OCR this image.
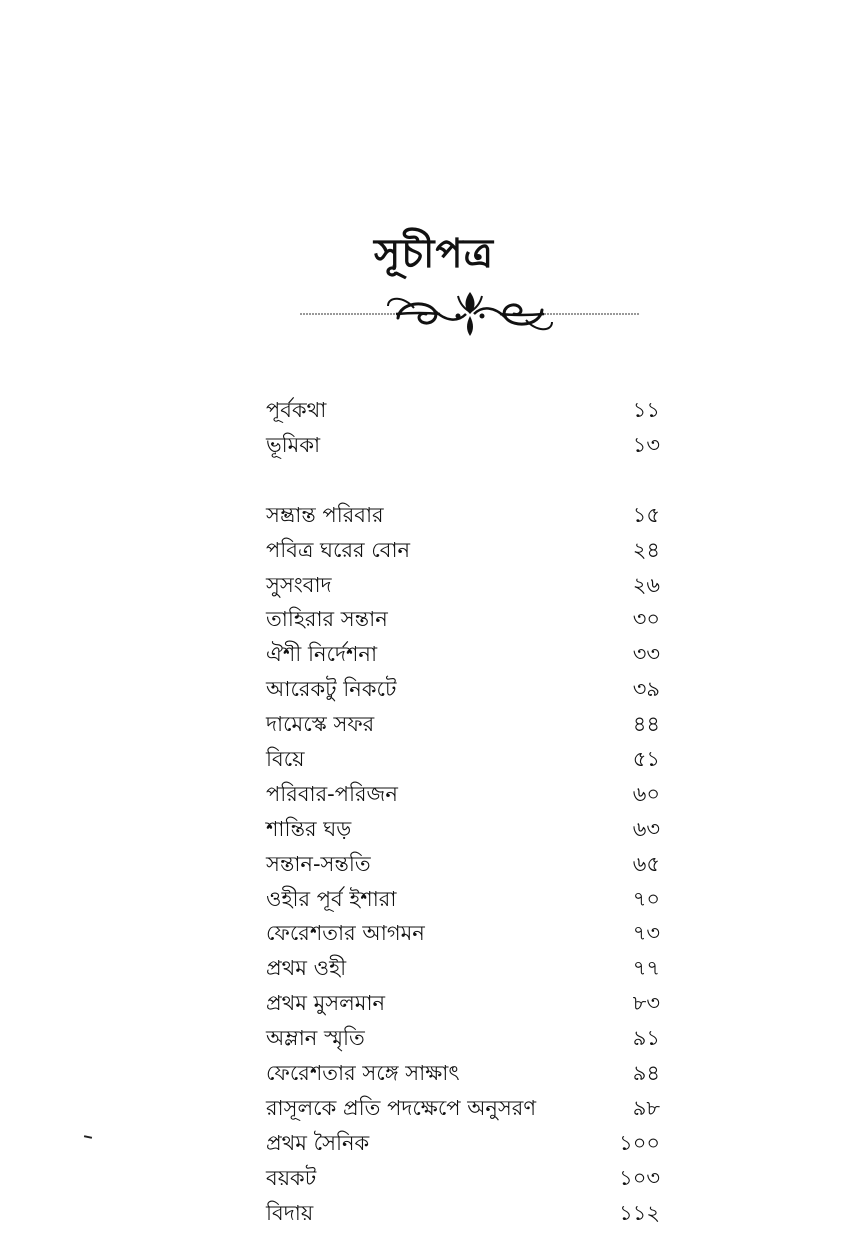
সূচীপত্র
পূর্বকথা	১১
ভূমিকা	১৩
সম্ভ্রান্ত পরিবার	১৫
পবিত্র ঘরের বোন	২৪
সুসংবাদ	২৬
তাহিরার সন্তান	৩০
ঐশী নির্দেশনা	৩৩
আরেকটু নিকটে	৩৯
দামেস্কে সফর	৪৪
বিয়ে	৫১
পরিবার-পরিজন	৬০
শান্তির ঘড়	৬৩
সন্তান-সন্ততি	৬৫
ওহীর পূর্ব ইশারা	৭০
ফেরেশতার আগমন	৭৩
প্রথম ওহী	৭৭
প্রথম মুসলমান	৮৩
অম্লান স্মৃতি	৯১
ফেরেশতার সঙ্গে সাক্ষাৎ	৯৪
রাসূলকে প্রতি পদক্ষেপে অনুসরণ	৯৮
প্রথম সৈনিক	১০০
বয়কট	১০৩
বিদায়	১১২
